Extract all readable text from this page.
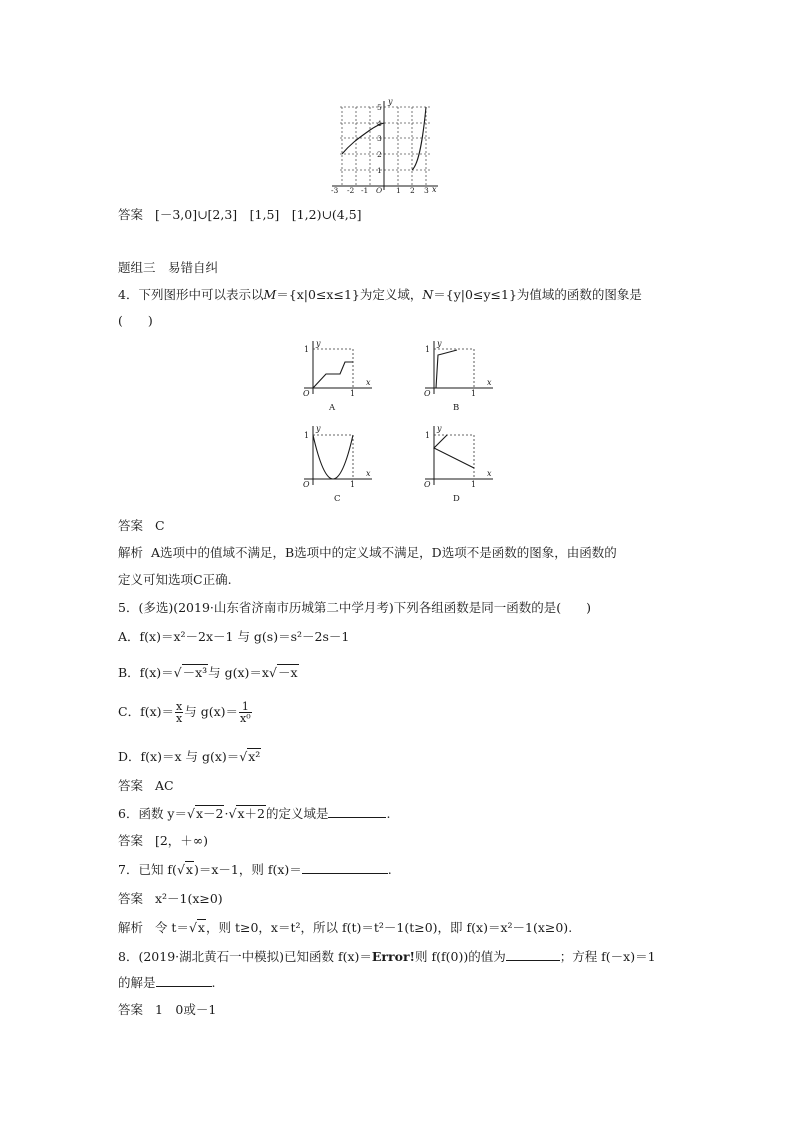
y
x
1
2
3
4
5
-3 -2 -1 O 1 2 3
答案 [－3,0]∪[2,3]　[1,5]　[1,2)∪(4,5]
题组三　易错自纠
4．下列图形中可以表示以M＝{x|0≤x≤1}为定义域，N＝{y|0≤y≤1}为值域的函数的图象是
(　　)
y
1
O	1
x
A
y
1
O	1
x
B
y
1
O	1
x
C
y
1
O	1
x
D
答案 C
解析 A选项中的值域不满足，B选项中的定义域不满足，D选项不是函数的图象，由函数的
定义可知选项C正确.
5．(多选)(2019·山东省济南市历城第二中学月考)下列各组函数是同一函数的是(　　)
A．f(x)＝x²－2x－1 与 g(s)＝s²－2s－1
B．f(x)＝ √ －x³与 g(x)＝x √ －x
C．$f(x)= \frac{x}{x}$ 与 $g(x)= \frac{1}{\text{x⁰}}$
D．f(x)＝x 与 g(x)＝ √ x²
答案 AC
6．函数 y＝ √ x－2· √ x＋2的定义域是	.
答案 [2，＋∞)
7．已知 f( √ x)＝x－1，则 f(x)＝	.
答案 x²－1(x≥0)
解析 令 t＝ √ x，则 t≥0，x＝t²，所以 f(t)＝t²－1(t≥0)，即 f(x)＝x²－1(x≥0).
8．(2019·湖北黄石一中模拟)已知函数 f(x)＝Error!则 f(f(0))的值为	；方程 f(－x)＝1
的解是	.
答案 1　0或－1
